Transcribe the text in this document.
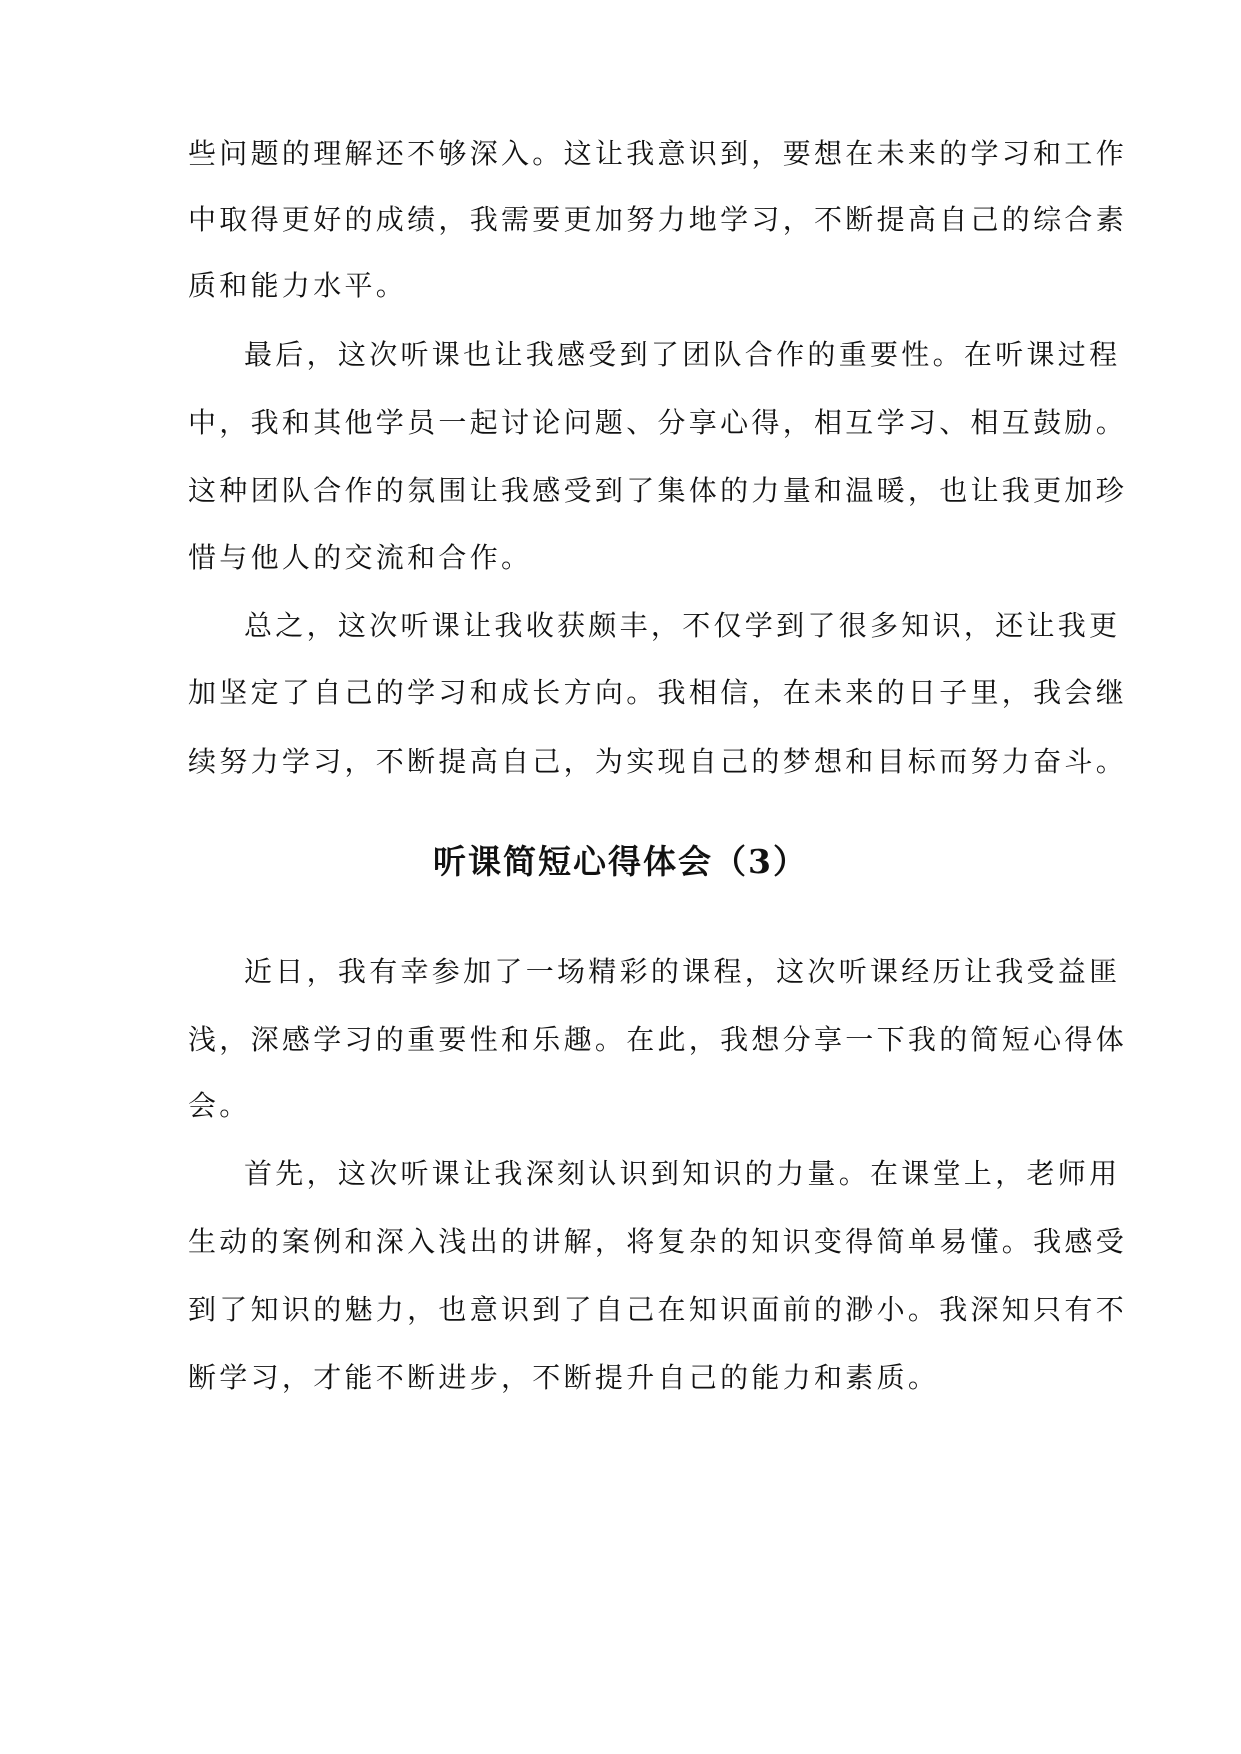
些问题的理解还不够深入。这让我意识到，要想在未来的学习和工作
中取得更好的成绩，我需要更加努力地学习，不断提高自己的综合素
质和能力水平。
最后，这次听课也让我感受到了团队合作的重要性。在听课过程
中，我和其他学员一起讨论问题、分享心得，相互学习、相互鼓励。
这种团队合作的氛围让我感受到了集体的力量和温暖，也让我更加珍
惜与他人的交流和合作。
总之，这次听课让我收获颇丰，不仅学到了很多知识，还让我更
加坚定了自己的学习和成长方向。我相信，在未来的日子里，我会继
续努力学习，不断提高自己，为实现自己的梦想和目标而努力奋斗。
听课简短心得体会（3）
近日，我有幸参加了一场精彩的课程，这次听课经历让我受益匪
浅，深感学习的重要性和乐趣。在此，我想分享一下我的简短心得体
会。
首先，这次听课让我深刻认识到知识的力量。在课堂上，老师用
生动的案例和深入浅出的讲解，将复杂的知识变得简单易懂。我感受
到了知识的魅力，也意识到了自己在知识面前的渺小。我深知只有不
断学习，才能不断进步，不断提升自己的能力和素质。
